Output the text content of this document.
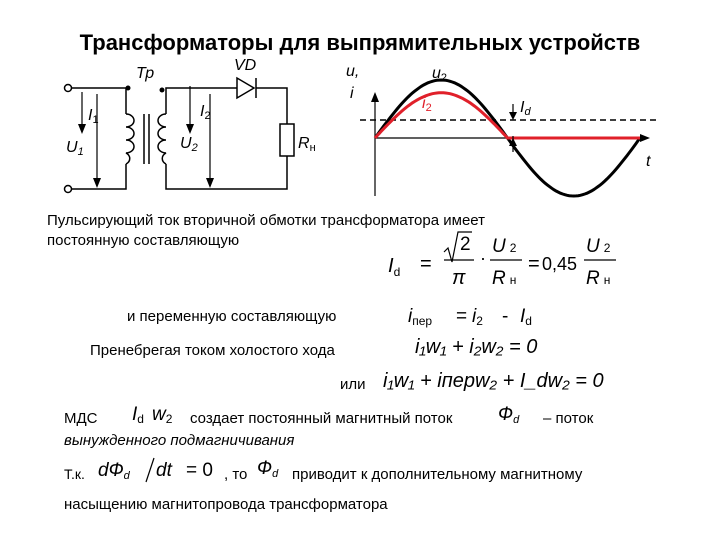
Трансформаторы для выпрямительных устройств
Тр	VD
I1
U1
I2
U2	Rн
u,
i
t
u2
i2	Id
Пульсирующий ток вторичной обмотки трансформатора имеет
постоянную составляющую
$I_d$ =
2
π
·
U 2
Rн
= 0,45
U 2
Rн
и переменную составляющую	iпер = i2 - Id
Пренебрегая током холостого хода	i₁w₁ + i₂w₂ = 0
или i₁w₁ + iперw₂ + I_dw₂ = 0
МДС Id w2 создает постоянный магнитный поток Фd – поток
вынужденного подмагничивания
Т.к. dФd dt = 0 , то Фd приводит к дополнительному магнитному
насыщению магнитопровода трансформатора
